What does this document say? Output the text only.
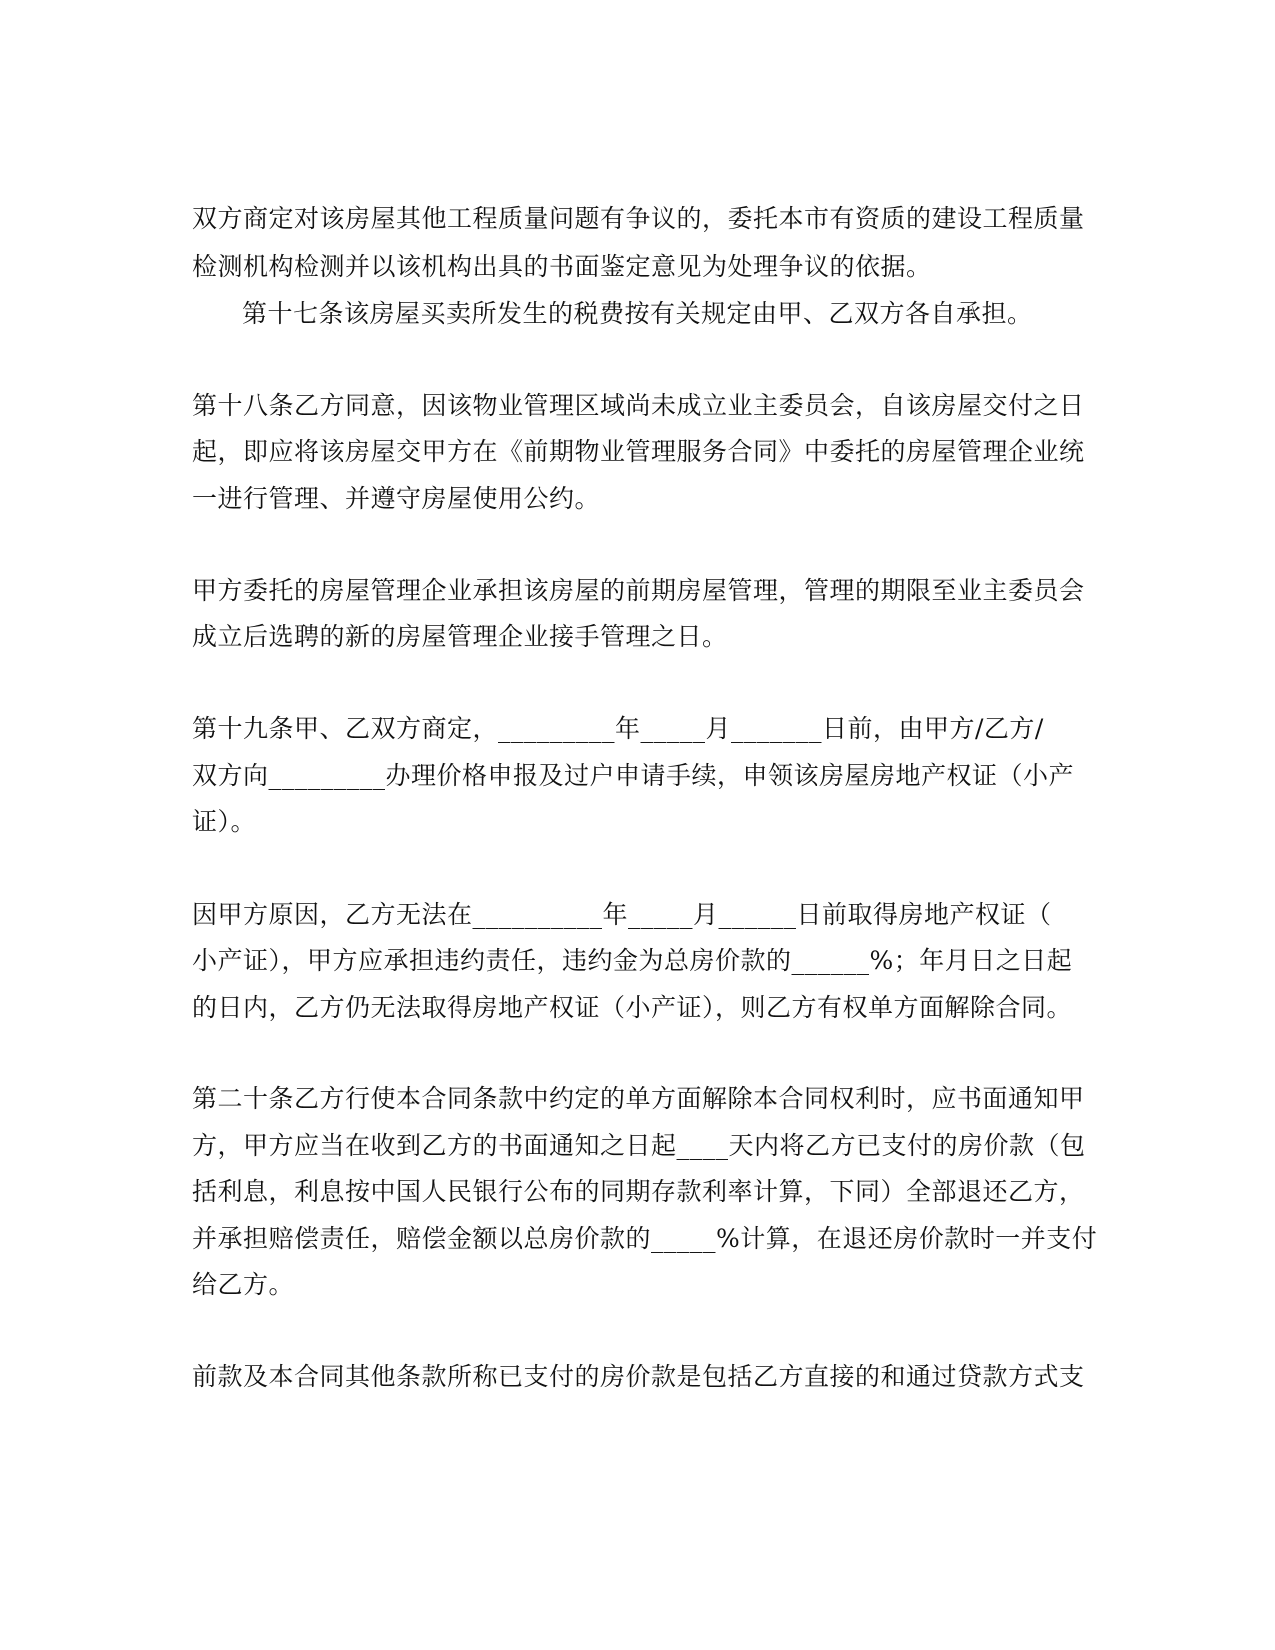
双方商定对该房屋其他工程质量问题有争议的，委托本市有资质的建设工程质量
检测机构检测并以该机构出具的书面鉴定意见为处理争议的依据。
第十七条该房屋买卖所发生的税费按有关规定由甲、乙双方各自承担。
第十八条乙方同意，因该物业管理区域尚未成立业主委员会，自该房屋交付之日
起，即应将该房屋交甲方在《前期物业管理服务合同》中委托的房屋管理企业统
一进行管理、并遵守房屋使用公约。
甲方委托的房屋管理企业承担该房屋的前期房屋管理，管理的期限至业主委员会
成立后选聘的新的房屋管理企业接手管理之日。
第十九条甲、乙双方商定，_________年_____月_______日前，由甲方/乙方/
双方向_________办理价格申报及过户申请手续，申领该房屋房地产权证（小产
证）。
因甲方原因，乙方无法在__________年_____月______日前取得房地产权证（
小产证），甲方应承担违约责任，违约金为总房价款的______%；年月日之日起
的日内，乙方仍无法取得房地产权证（小产证），则乙方有权单方面解除合同。
第二十条乙方行使本合同条款中约定的单方面解除本合同权利时，应书面通知甲
方，甲方应当在收到乙方的书面通知之日起____天内将乙方已支付的房价款（包
括利息，利息按中国人民银行公布的同期存款利率计算，下同）全部退还乙方，
并承担赔偿责任，赔偿金额以总房价款的_____%计算，在退还房价款时一并支付
给乙方。
前款及本合同其他条款所称已支付的房价款是包括乙方直接的和通过贷款方式支
